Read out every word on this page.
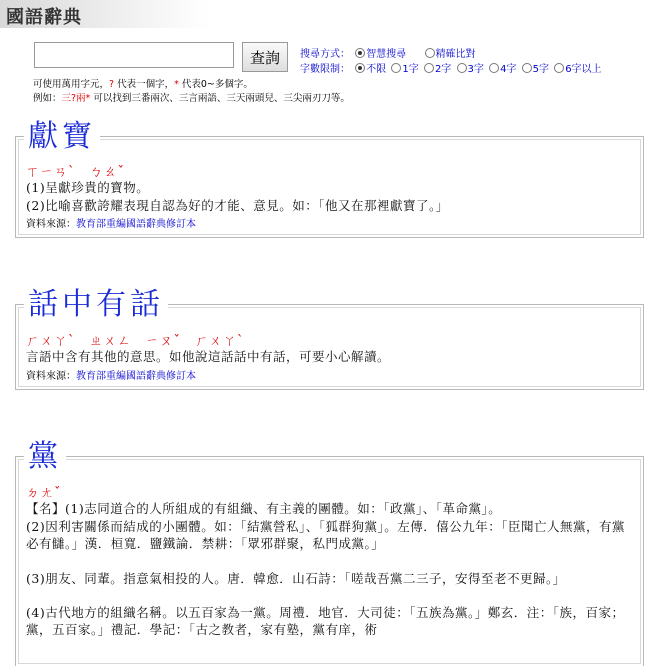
國語辭典
查詢	搜尋方式： 智慧搜尋	精確比對
字數限制： 不限 1字 2字 3字 4字 5字 6字以上
可使用萬用字元，? 代表一個字，* 代表0~多個字。
例如：三?兩* 可以找到三番兩次、三言兩語、三天兩頭兒、三尖兩刃刀等。
獻寶
ㄒㄧㄢˋ　ㄅㄠˇ
(1)呈獻珍貴的寶物。
(2)比喻喜歡誇耀表現自認為好的才能、意見。如：「他又在那裡獻寶了。」
資料來源：教育部重編國語辭典修訂本
話中有話
ㄏㄨㄚˋ　ㄓㄨㄥ　ㄧㄡˇ　ㄏㄨㄚˋ
言語中含有其他的意思。如他說這話話中有話，可要小心解讀。
資料來源：教育部重編國語辭典修訂本
黨
ㄉㄤˇ
【名】(1)志同道合的人所組成的有組織、有主義的團體。如：「政黨」、「革命黨」。
(2)因利害關係而結成的小團體。如：「結黨營私」、「狐群狗黨」。左傳．僖公九年：「臣聞亡人無黨，有黨必有讎。」漢．桓寬．鹽鐵論．禁耕：「眾邪群聚，私門成黨。」
(3)朋友、同輩。指意氣相投的人。唐．韓愈．山石詩：「嗟哉吾黨二三子，安得至老不更歸。」
(4)古代地方的組織名稱。以五百家為一黨。周禮．地官．大司徒：「五族為黨。」鄭玄．注：「族，百家；黨，五百家。」禮記．學記：「古之教者，家有塾，黨有庠，術
